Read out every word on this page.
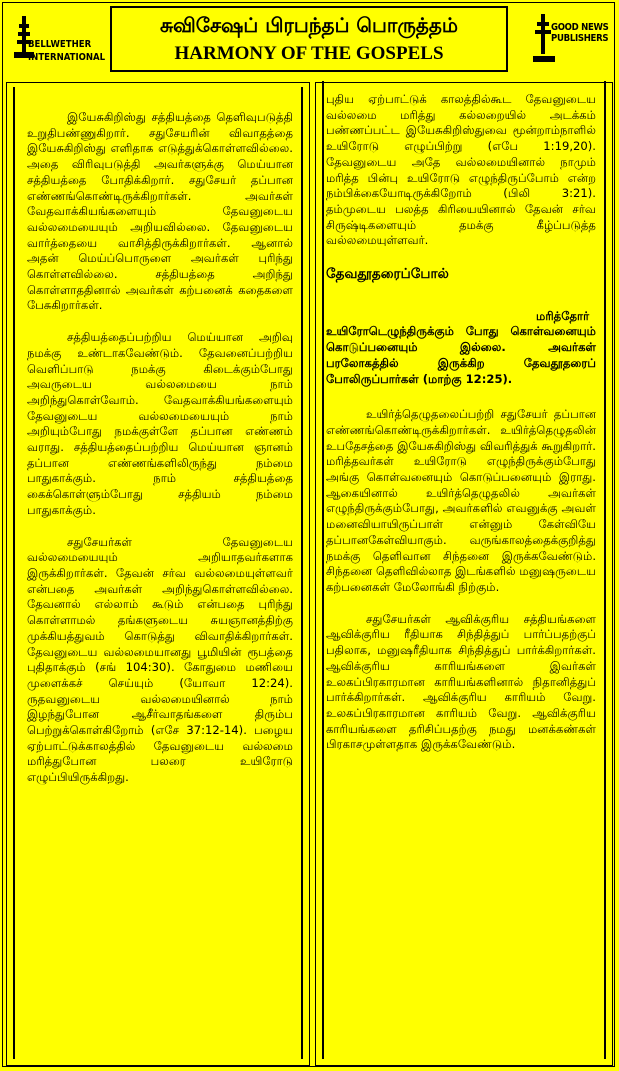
BELLWETHER INTERNATIONAL
சுவிசேஷப் பிரபந்தப் பொருத்தம்
HARMONY OF THE GOSPELS
GOOD NEWS PUBLISHERS

இயேசுகிறிஸ்து சத்தியத்தை தெளிவுபடுத்தி உறுதிபண்ணுகிறார். சதுசேயரின் விவாதத்தை இயேசுகிறிஸ்து எளிதாக எடுத்துக்கொள்ளவில்லை. அதை விரிவுபடுத்தி அவர்களுக்கு மெய்யான சத்தியத்தை போதிக்கிறார். சதுசேயர் தப்பான எண்ணங்கொண்டிருக்கிறார்கள். அவர்கள் வேதவாக்கியங்களையும் தேவனுடைய வல்லமையையும் அறியவில்லை. தேவனுடைய வார்த்தையை வாசித்திருக்கிறார்கள். ஆனால் அதன் மெய்ப்பொருளை அவர்கள் புரிந்து கொள்ளவில்லை. சத்தியத்தை அறிந்து கொள்ளாததினால் அவர்கள் கற்பனைக் கதைகளை பேசுகிறார்கள்.

சத்தியத்தைப்பற்றிய மெய்யான அறிவு நமக்கு உண்டாகவேண்டும். தேவனைப்பற்றிய வெளிப்பாடு நமக்கு கிடைக்கும்போது அவருடைய வல்லமையை நாம் அறிந்துகொள்வோம். வேதவாக்கியங்களையும் தேவனுடைய வல்லமையையும் நாம் அறியும்போது நமக்குள்ளே தப்பான எண்ணம் வராது. சத்தியத்தைப்பற்றிய மெய்யான ஞானம் தப்பான எண்ணங்களிலிருந்து நம்மை பாதுகாக்கும். நாம் சத்தியத்தை கைக்கொள்ளும்போது சத்தியம் நம்மை பாதுகாக்கும்.

சதுசேயர்கள் தேவனுடைய வல்லமையையும் அறியாதவர்களாக இருக்கிறார்கள். தேவன் சர்வ வல்லமையுள்ளவர் என்பதை அவர்கள் அறிந்துகொள்ளவில்லை. தேவனால் எல்லாம் கூடும் என்பதை புரிந்து கொள்ளாமல் தங்களுடைய சுயஞானத்திற்கு முக்கியத்துவம் கொடுத்து விவாதிக்கிறார்கள். தேவனுடைய வல்லமையானது பூமியின் ரூபத்தை புதிதாக்கும் (சங் 104:30). கோதுமை மணியை முளைக்கச் செய்யும் (யோவா 12:24). ருதவனுடைய வல்லமையினால் நாம் இழந்துபோன ஆசீர்வாதங்களை திரும்ப பெற்றுக்கொள்கிறோம் (எசே 37:12-14). பழைய ஏற்பாட்டுக்காலத்தில் தேவனுடைய வல்லமை மரித்துபோன பலரை உயிரோடு எழுப்பியிருக்கிறது.

புதிய ஏற்பாட்டுக் காலத்தில்கூட தேவனுடைய வல்லமை மரித்து கல்லறையில் அடக்கம் பண்ணப்பட்ட இயேசுகிறிஸ்துவை மூன்றாம்நாளில் உயிரோடு எழுப்பிற்று (எபே 1:19,20). தேவனுடைய அதே வல்லமையினால் நாமும் மரித்த பின்பு உயிரோடு எழுந்திருப்போம் என்ற நம்பிக்கையோடிருக்கிறோம் (பிலி 3:21). தம்முடைய பலத்த கிரியையினால் தேவன் சர்வ சிருஷ்டிகளையும் தமக்கு கீழ்ப்படுத்த வல்லமையுள்ளவர்.

தேவதூதரைப்போல்

மரித்தோர் உயிரோடெழுந்திருக்கும் போது கொள்வனையும் கொடுப்பனையும் இல்லை. அவர்கள் பரலோகத்தில் இருக்கிற தேவதூதரைப் போலிருப்பார்கள் (மாற்கு 12:25).

உயிர்த்தெழுதலைப்பற்றி சதுசேயர் தப்பான எண்ணங்கொண்டிருக்கிறார்கள். உயிர்த்தெழுதலின் உபதேசத்தை இயேசுகிறிஸ்து விவரித்துக் கூறுகிறார். மரித்தவர்கள் உயிரோடு எழுந்திருக்கும்போது அங்கு கொள்வனையும் கொடுப்பனையும் இராது. ஆகையினால் உயிர்த்தெழுதலில் அவர்கள் எழுந்திருக்கும்போது, அவர்களில் எவனுக்கு அவள் மனைவியாயிருப்பாள் என்னும் கேள்வியே தப்பானகேள்வியாகும். வருங்காலத்தைக்குறித்து நமக்கு தெளிவான சிந்தனை இருக்கவேண்டும். சிந்தனை தெளிவில்லாத இடங்களில் மனுஷருடைய கற்பனைகள் மேலோங்கி நிற்கும்.

சதுசேயர்கள் ஆவிக்குரிய சத்தியங்களை ஆவிக்குரிய ரீதியாக சிந்தித்துப் பார்ப்பதற்குப் பதிலாக, மனுஷரீதியாக சிந்தித்துப் பார்க்கிறார்கள். ஆவிக்குரிய காரியங்களை இவர்கள் உலகப்பிரகாரமான காரியங்களினால் நிதானித்துப் பார்க்கிறார்கள். ஆவிக்குரிய காரியம் வேறு. உலகப்பிரகாரமான காரியம் வேறு. ஆவிக்குரிய காரியங்களை தரிசிப்பதற்கு நமது மனக்கண்கள் பிரகாசமுள்ளதாக இருக்கவேண்டும்.
